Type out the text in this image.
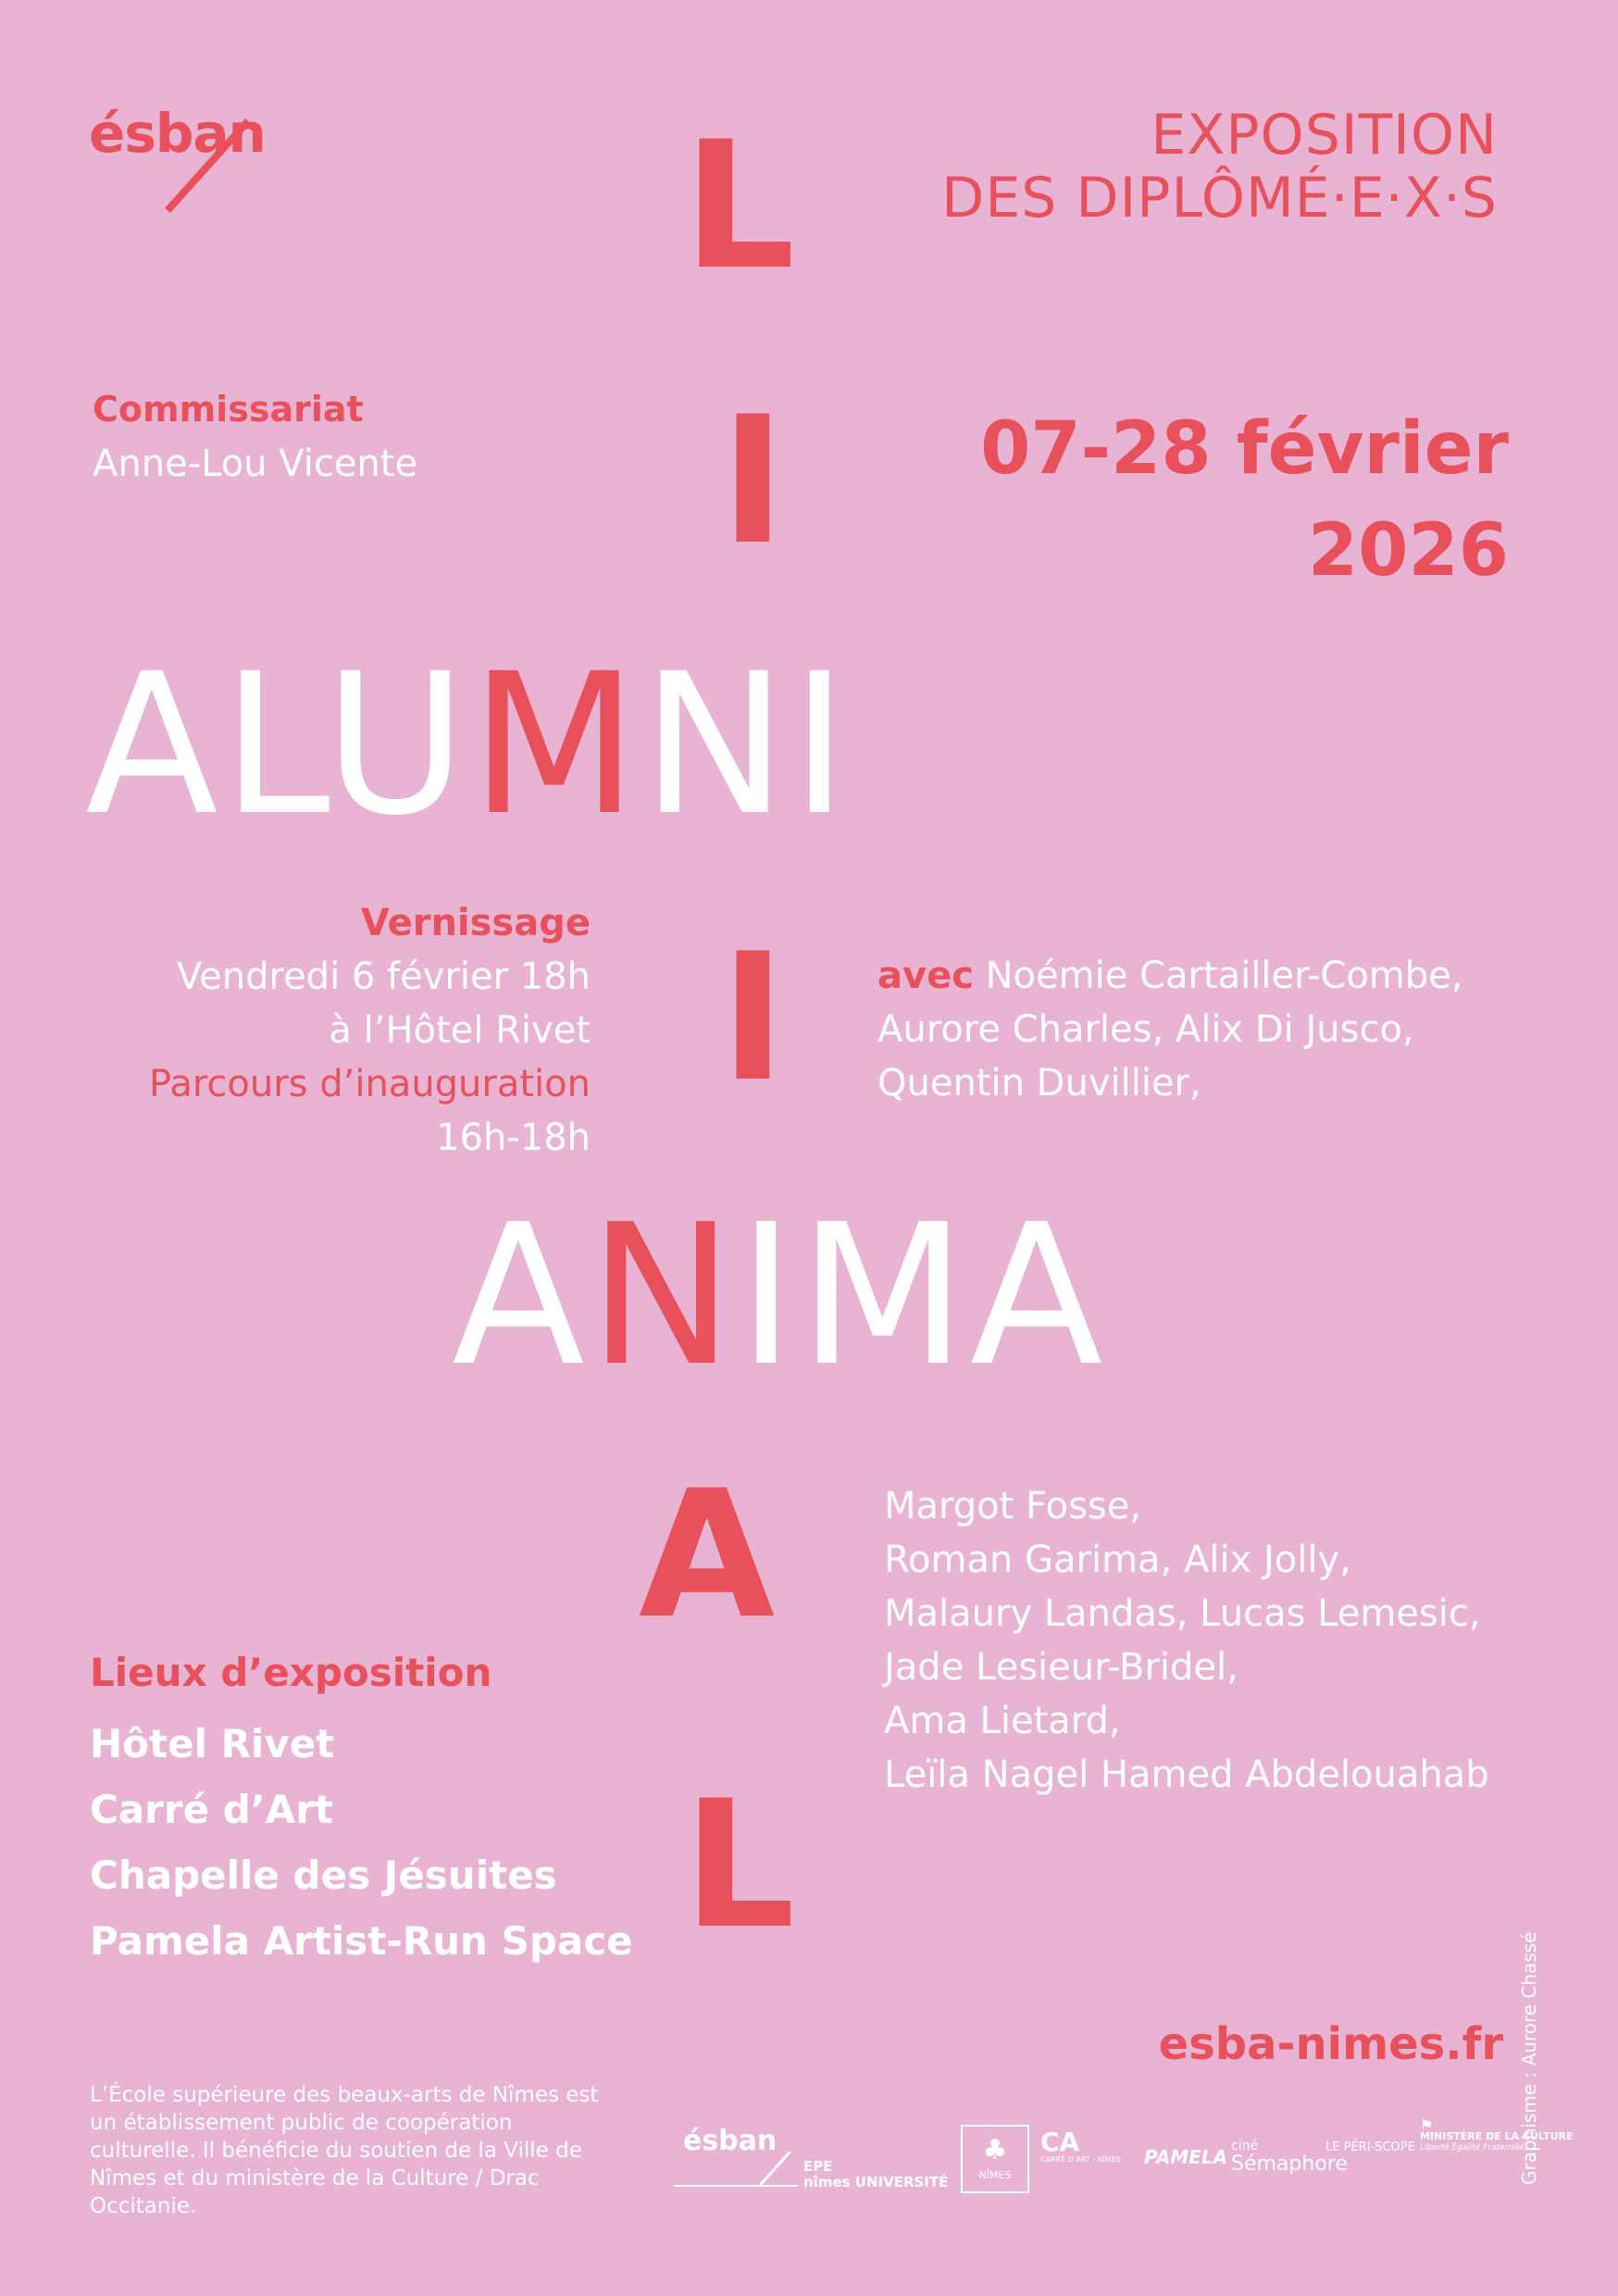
ésban	EXPOSITION
DES DIPLÔMÉ·E·X·S
L
I
I
A
L
Commissariat
Anne-Lou Vicente	07-28 février
2026
ALUMNI
ANIMA
Vernissage
Vendredi 6 février 18h
à l’Hôtel Rivet
Parcours d’inauguration
16h-18h
avec Noémie Cartailler-Combe,
Aurore Charles, Alix Di Jusco,
Quentin Duvillier,
Margot Fosse,
Roman Garima, Alix Jolly,
Malaury Landas, Lucas Lemesic,
Jade Lesieur-Bridel,
Ama Lietard,
Leïla Nagel Hamed Abdelouahab
Lieux d’exposition
Hôtel Rivet
Carré d’Art
Chapelle des Jésuites
Pamela Artist-Run Space
esba-nimes.fr
L’École supérieure des beaux-arts de Nîmes est un établissement public de coopération culturelle. Il bénéficie du soutien de la Ville de Nîmes et du ministère de la Culture / Drac Occitanie.
Graphisme : Aurore Chassé
ésban
EPE
nîmes UNIVERSITÉ
♣
NÎMES
CA
CARRÉ D’ART · NÎMES PAMELA ciné
Sémaphore
LE PÉRI-SCOPE
⚑
MINISTÈRE DE LA CULTURE
Liberté Égalité Fraternité
